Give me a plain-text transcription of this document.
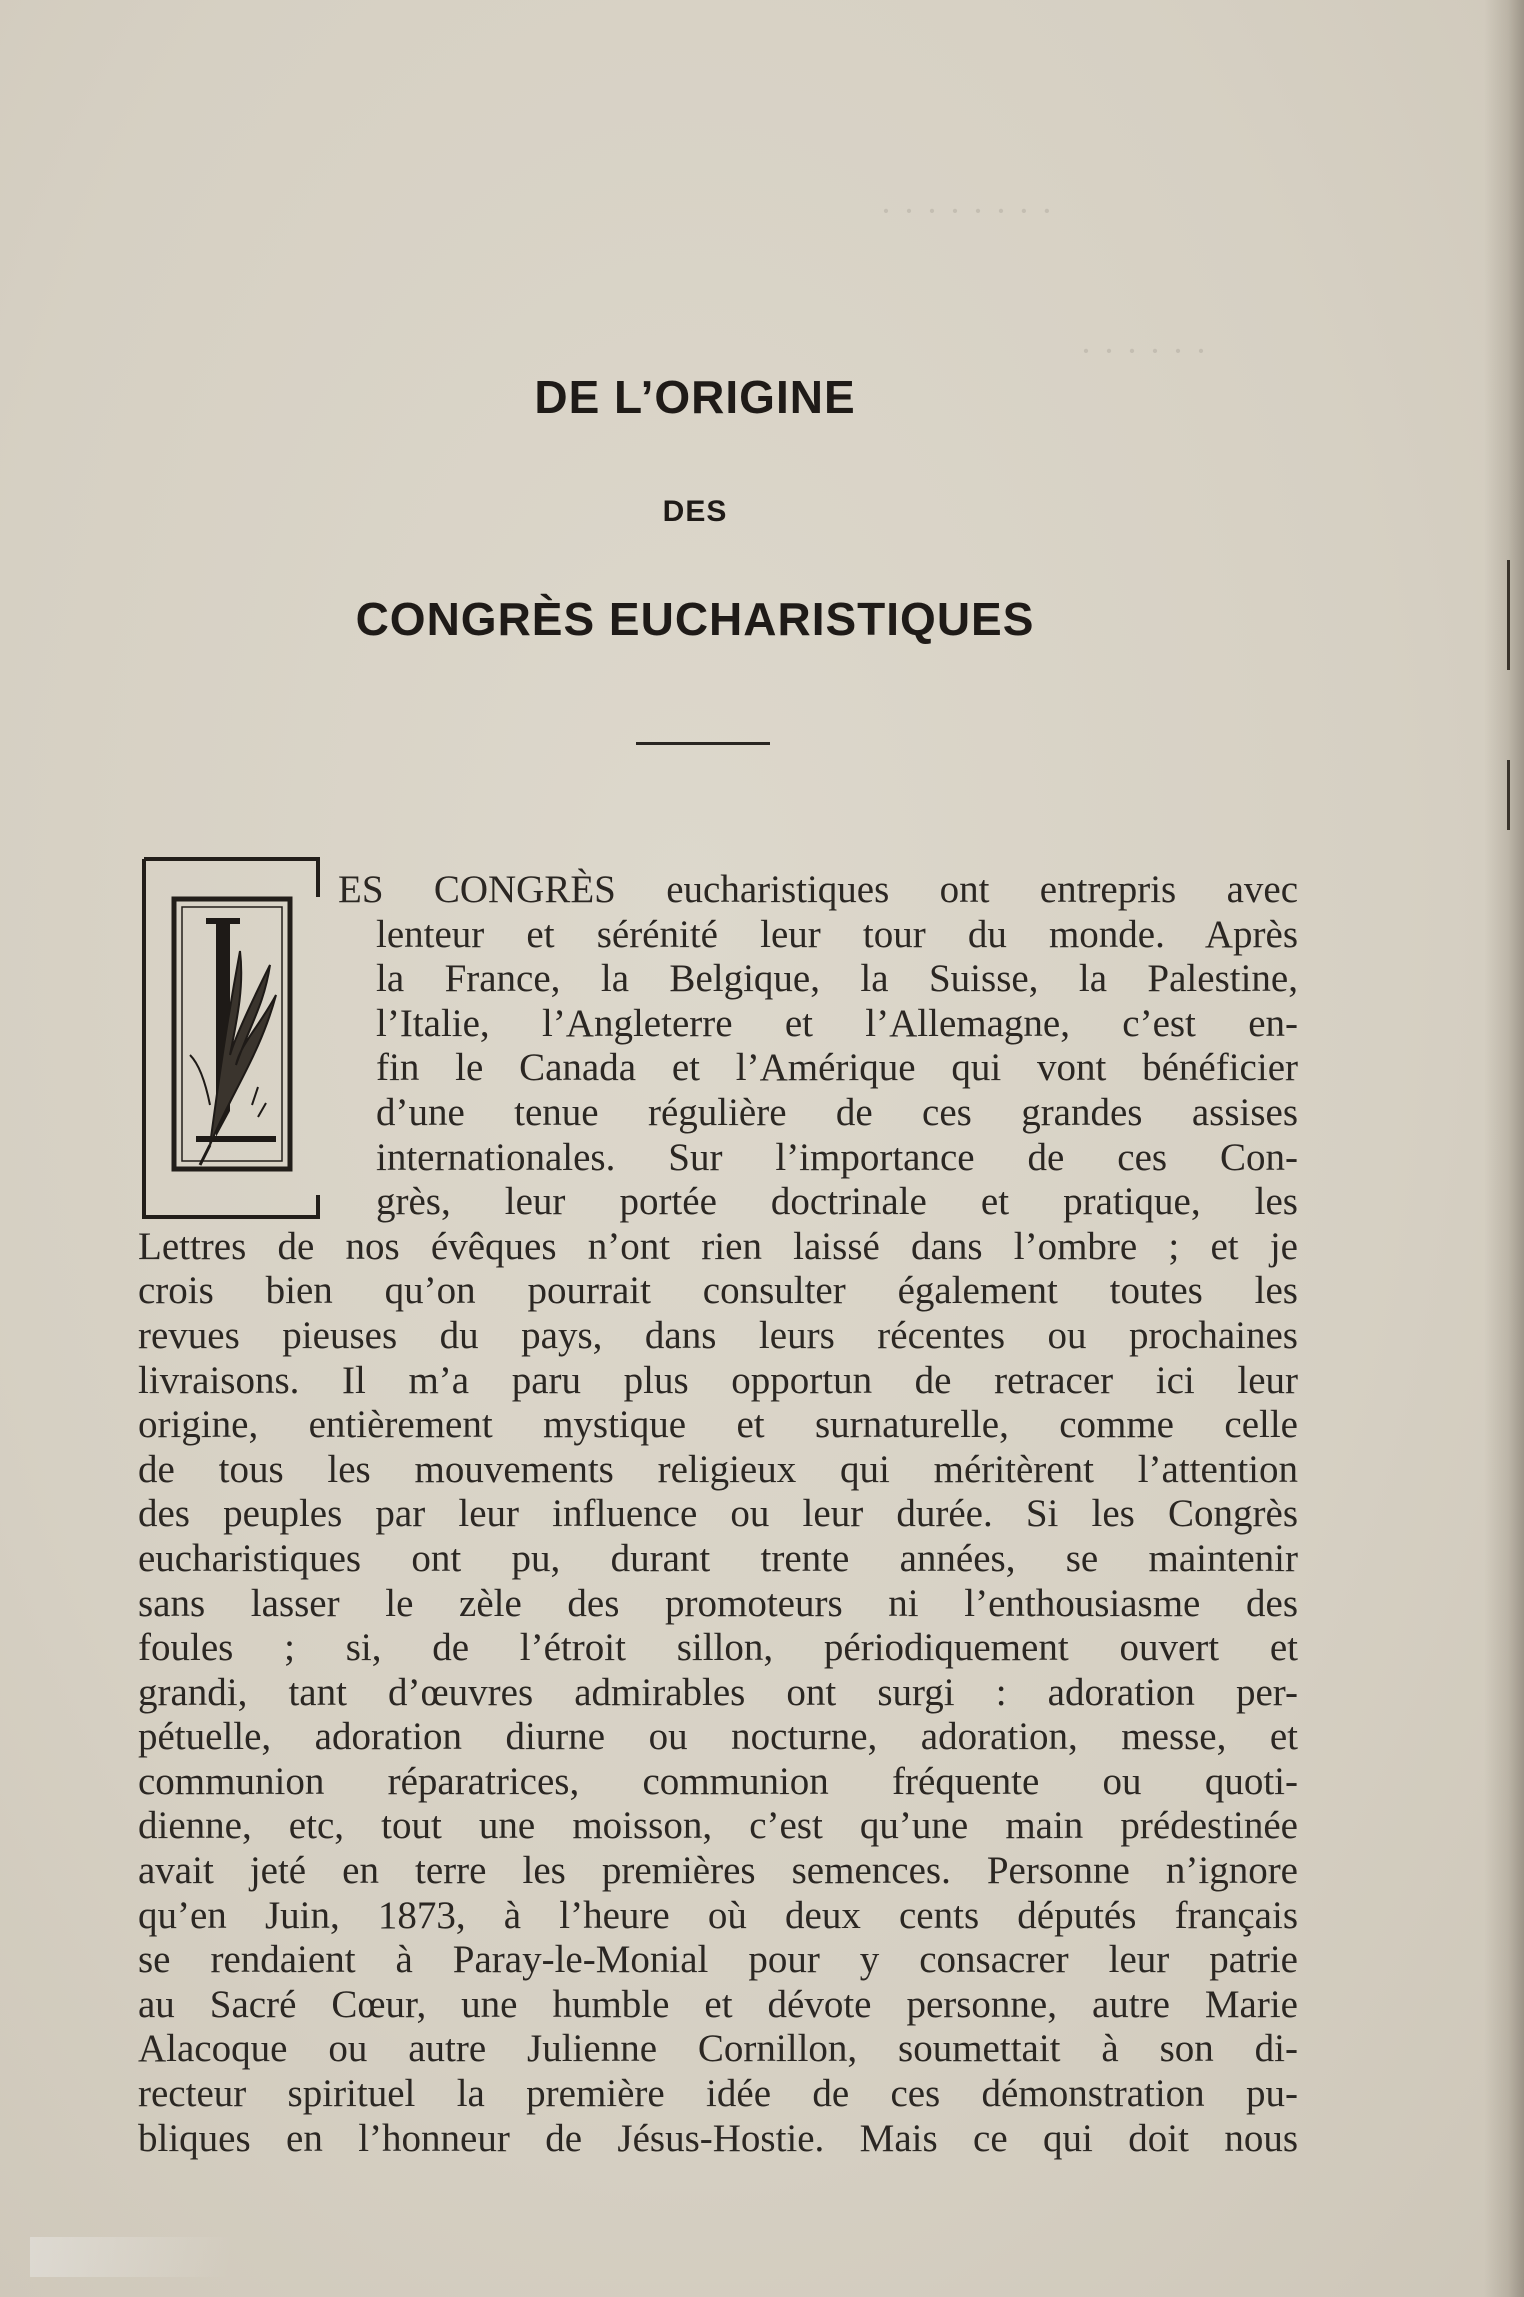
· · · · · · · ·
· · · · · ·
DE L’ORIGINE
DES
CONGRÈS EUCHARISTIQUES
ES CONGRÈS eucharistiques ont entrepris avec
lenteur et sérénité leur tour du monde. Après
la France, la Belgique, la Suisse, la Palestine,
l’Italie, l’Angleterre et l’Allemagne, c’est en-
fin le Canada et l’Amérique qui vont bénéficier
d’une tenue régulière de ces grandes assises
internationales. Sur l’importance de ces Con-
grès, leur portée doctrinale et pratique, les
Lettres de nos évêques n’ont rien laissé dans l’ombre ; et je
crois bien qu’on pourrait consulter également toutes les
revues pieuses du pays, dans leurs récentes ou prochaines
livraisons. Il m’a paru plus opportun de retracer ici leur
origine, entièrement mystique et surnaturelle, comme celle
de tous les mouvements religieux qui méritèrent l’attention
des peuples par leur influence ou leur durée. Si les Congrès
eucharistiques ont pu, durant trente années, se maintenir
sans lasser le zèle des promoteurs ni l’enthousiasme des
foules ; si, de l’étroit sillon, périodiquement ouvert et
grandi, tant d’œuvres admirables ont surgi : adoration per-
pétuelle, adoration diurne ou nocturne, adoration, messe, et
communion réparatrices, communion fréquente ou quoti-
dienne, etc, tout une moisson, c’est qu’une main prédestinée
avait jeté en terre les premières semences. Personne n’ignore
qu’en Juin, 1873, à l’heure où deux cents députés français
se rendaient à Paray-le-Monial pour y consacrer leur patrie
au Sacré Cœur, une humble et dévote personne, autre Marie
Alacoque ou autre Julienne Cornillon, soumettait à son di-
recteur spirituel la première idée de ces démonstration pu-
bliques en l’honneur de Jésus-Hostie. Mais ce qui doit nous
